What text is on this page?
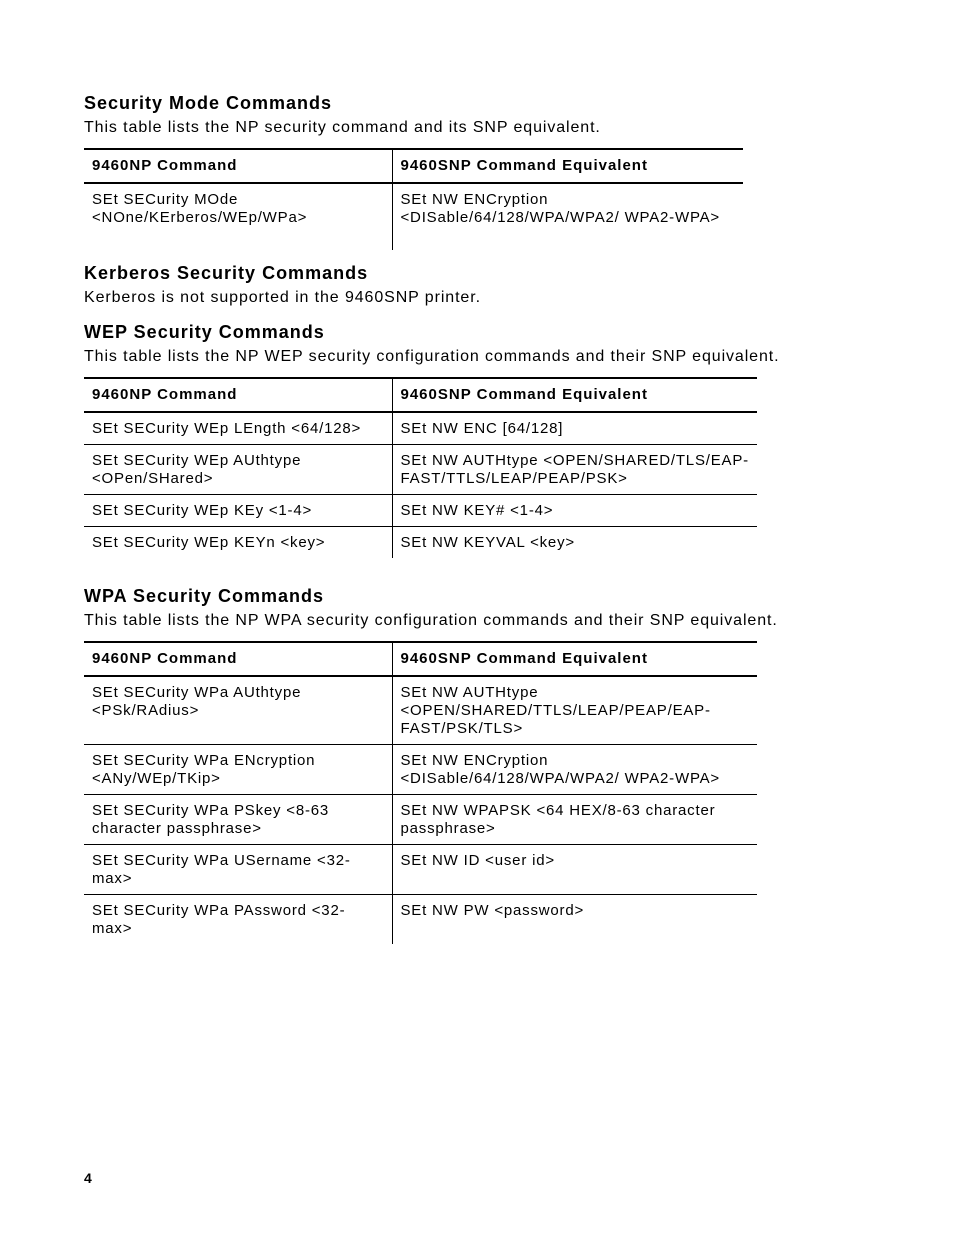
Security Mode Commands

This table lists the NP security command and its SNP equivalent.

9460NP Command	9460SNP Command Equivalent
SEt SECurity MOde <NOne/KErberos/WEp/WPa>	SEt NW ENCryption <DISable/64/128/WPA/WPA2/ WPA2-WPA>
Kerberos Security Commands

Kerberos is not supported in the 9460SNP printer.

WEP Security Commands

This table lists the NP WEP security configuration commands and their SNP equivalent.

9460NP Command	9460SNP Command Equivalent
SEt SECurity WEp LEngth <64/128>	SEt NW ENC [64/128]
SEt SECurity WEp AUthtype <OPen/SHared>	SEt NW AUTHtype <OPEN/SHARED/TLS/EAP-FAST/TTLS/LEAP/PEAP/PSK>
SEt SECurity WEp KEy <1-4>	SEt NW KEY# <1-4>
SEt SECurity WEp KEYn <key>	SEt NW KEYVAL <key>
WPA Security Commands

This table lists the NP WPA security configuration commands and their SNP equivalent.

9460NP Command	9460SNP Command Equivalent
SEt SECurity WPa AUthtype <PSk/RAdius>	SEt NW AUTHtype <OPEN/SHARED/TTLS/LEAP/PEAP/EAP-FAST/PSK/TLS>
SEt SECurity WPa ENcryption <ANy/WEp/TKip>	SEt NW ENCryption <DISable/64/128/WPA/WPA2/ WPA2-WPA>
SEt SECurity WPa PSkey <8-63 character passphrase>	SEt NW WPAPSK <64 HEX/8-63 character passphrase>
SEt SECurity WPa USername <32-max>	SEt NW ID <user id>
SEt SECurity WPa PAssword <32-max>	SEt NW PW <password>
4
